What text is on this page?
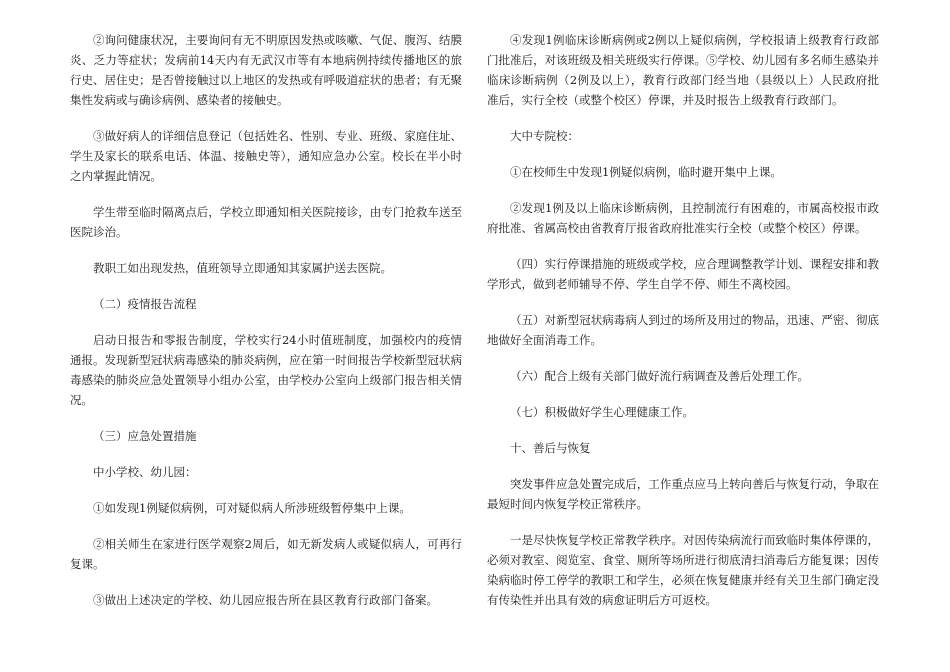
②询问健康状况，主要询问有无不明原因发热或咳嗽、气促、腹泻、结膜炎、乏力等症状；发病前14天内有无武汉市等有本地病例持续传播地区的旅行史、居住史；是否曾接触过以上地区的发热或有呼吸道症状的患者；有无聚集性发病或与确诊病例、感染者的接触史。

③做好病人的详细信息登记（包括姓名、性别、专业、班级、家庭住址、学生及家长的联系电话、体温、接触史等），通知应急办公室。校长在半小时之内掌握此情况。

学生带至临时隔离点后，学校立即通知相关医院接诊，由专门抢救车送至医院诊治。

教职工如出现发热，值班领导立即通知其家属护送去医院。

（二）疫情报告流程

启动日报告和零报告制度，学校实行24小时值班制度，加强校内的疫情通报。发现新型冠状病毒感染的肺炎病例，应在第一时间报告学校新型冠状病毒感染的肺炎应急处置领导小组办公室，由学校办公室向上级部门报告相关情况。

（三）应急处置措施

中小学校、幼儿园：

①如发现1例疑似病例，可对疑似病人所涉班级暂停集中上课。

②相关师生在家进行医学观察2周后，如无新发病人或疑似病人，可再行复课。

③做出上述决定的学校、幼儿园应报告所在县区教育行政部门备案。

④发现1例临床诊断病例或2例以上疑似病例，学校报请上级教育行政部门批准后，对该班级及相关班级实行停课。⑤学校、幼儿园有多名师生感染并临床诊断病例（2例及以上），教育行政部门经当地（县级以上）人民政府批准后，实行全校（或整个校区）停课，并及时报告上级教育行政部门。

大中专院校：

①在校师生中发现1例疑似病例，临时避开集中上课。

②发现1例及以上临床诊断病例，且控制流行有困难的，市属高校报市政府批准、省属高校由省教育厅报省政府批准实行全校（或整个校区）停课。

（四）实行停课措施的班级或学校，应合理调整教学计划、课程安排和教学形式，做到老师辅导不停、学生自学不停、师生不离校园。

（五）对新型冠状病毒病人到过的场所及用过的物品，迅速、严密、彻底地做好全面消毒工作。

（六）配合上级有关部门做好流行病调查及善后处理工作。

（七）积极做好学生心理健康工作。

十、善后与恢复

突发事件应急处置完成后，工作重点应马上转向善后与恢复行动，争取在最短时间内恢复学校正常秩序。

一是尽快恢复学校正常教学秩序。对因传染病流行而致临时集体停课的，必须对教室、阅览室、食堂、厕所等场所进行彻底清扫消毒后方能复课；因传染病临时停工停学的教职工和学生，必须在恢复健康并经有关卫生部门确定没有传染性并出具有效的病愈证明后方可返校。
